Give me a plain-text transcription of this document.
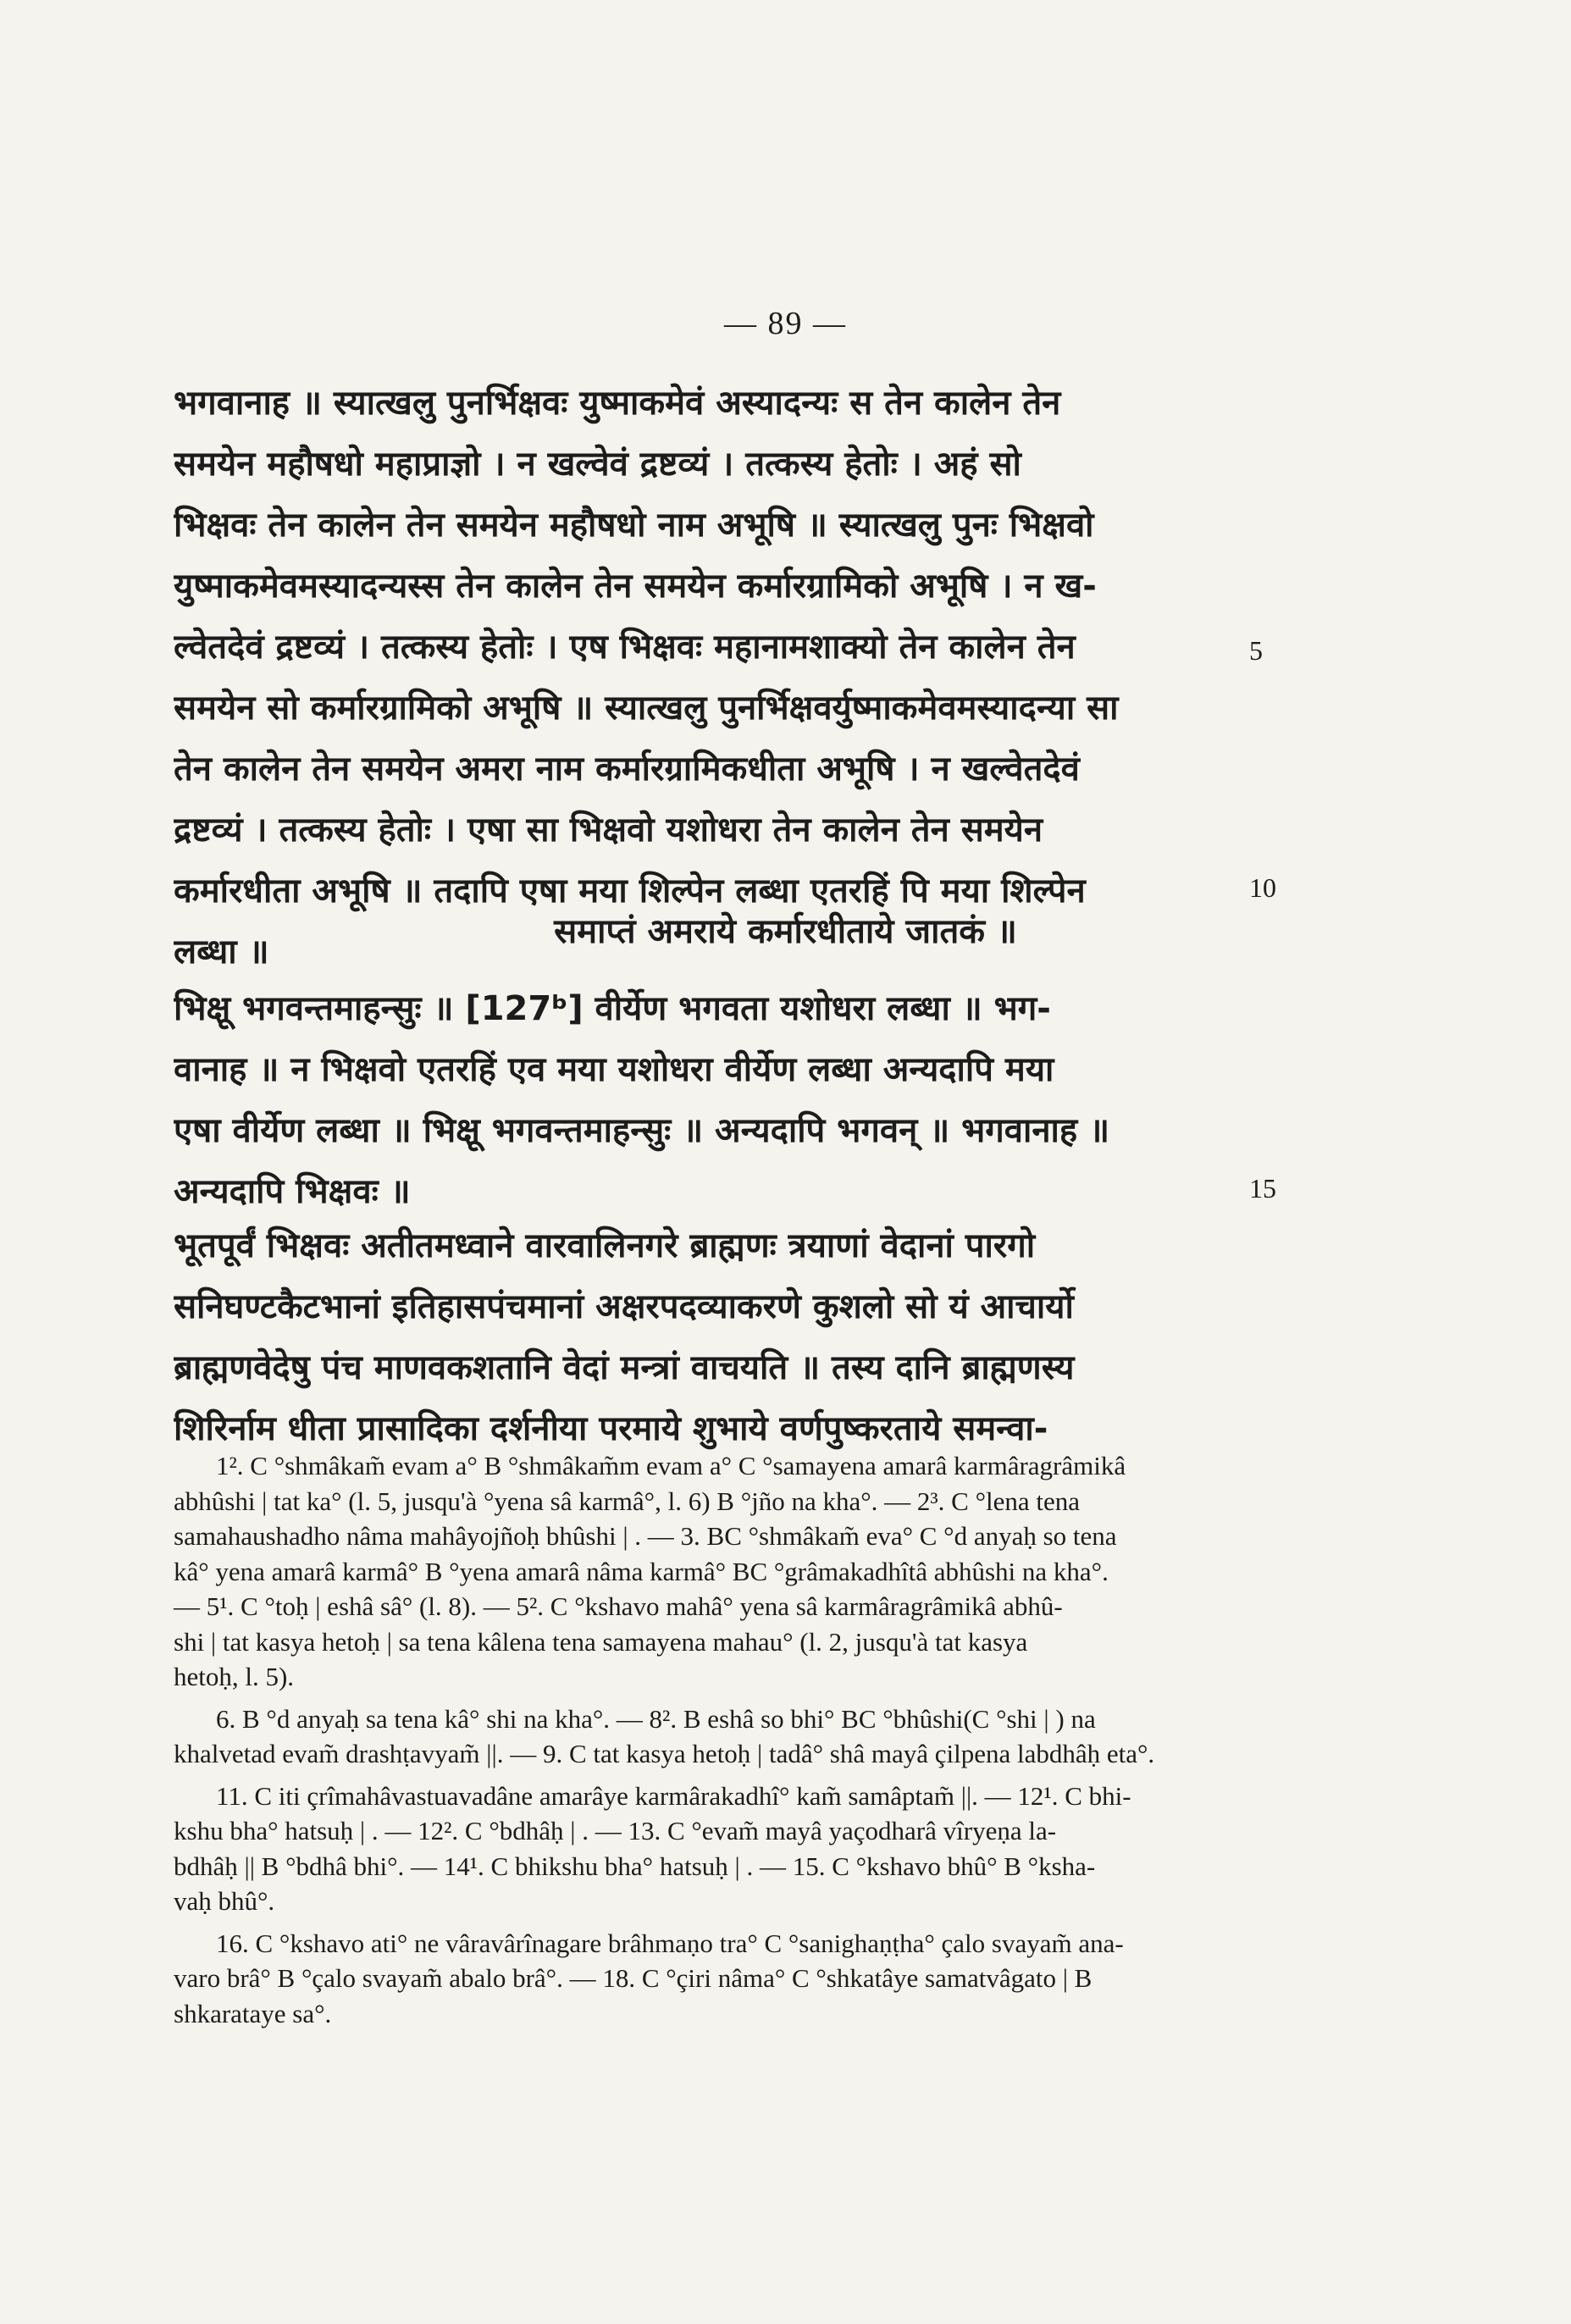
— 89 —
भगवानाह ॥ स्यात्खलु पुनर्भिक्षवः युष्माकमेवं अस्यादन्यः स तेन कालेन तेन
समयेन महौषधो महाप्राज्ञो । न खल्वेवं द्रष्टव्यं । तत्कस्य हेतोः । अहं सो
भिक्षवः तेन कालेन तेन समयेन महौषधो नाम अभूषि ॥ स्यात्खलु पुनः भिक्षवो
युष्माकमेवमस्यादन्यस्स तेन कालेन तेन समयेन कर्मारग्रामिको अभूषि । न ख-
ल्वेतदेवं द्रष्टव्यं । तत्कस्य हेतोः । एष भिक्षवः महानामशाक्यो तेन कालेन तेन
समयेन सो कर्मारग्रामिको अभूषि ॥ स्यात्खलु पुनर्भिक्षवर्युष्माकमेवमस्यादन्या सा
तेन कालेन तेन समयेन अमरा नाम कर्मारग्रामिकधीता अभूषि । न खल्वेतदेवं
द्रष्टव्यं । तत्कस्य हेतोः । एषा सा भिक्षवो यशोधरा तेन कालेन तेन समयेन
कर्मारधीता अभूषि ॥ तदापि एषा मया शिल्पेन लब्धा एतरहिं पि मया शिल्पेन
लब्धा ॥
5
10
समाप्तं अमराये कर्मारधीताये जातकं ॥
भिक्षू भगवन्तमाहन्सुः ॥ [127ᵇ] वीर्येण भगवता यशोधरा लब्धा ॥ भग-
वानाह ॥ न भिक्षवो एतरहिं एव मया यशोधरा वीर्येण लब्धा अन्यदापि मया
एषा वीर्येण लब्धा ॥ भिक्षू भगवन्तमाहन्सुः ॥ अन्यदापि भगवन् ॥ भगवानाह ॥
अन्यदापि भिक्षवः ॥	15
भूतपूर्वं भिक्षवः अतीतमध्वाने वारवालिनगरे ब्राह्मणः त्रयाणां वेदानां पारगो
सनिघण्टकैटभानां इतिहासपंचमानां अक्षरपदव्याकरणे कुशलो सो यं आचार्यो
ब्राह्मणवेदेषु पंच माणवकशतानि वेदां मन्त्रां वाचयति ॥ तस्य दानि ब्राह्मणस्य
शिरिर्नाम धीता प्रासादिका दर्शनीया परमाये शुभाये वर्णपुष्करताये समन्वा-
1². C °shmâkam̃ evam a° B °shmâkam̃m evam a° C °samayena amarâ karmâragrâmikâ
abhûshi | tat ka° (l. 5, jusqu'à °yena sâ karmâ°, l. 6) B °jño na kha°. — 2³. C °lena tena
samahaushadho nâma mahâyojñoḥ bhûshi | . — 3. BC °shmâkam̃ eva° C °d anyaḥ so tena
kâ° yena amarâ karmâ° B °yena amarâ nâma karmâ° BC °grâmakadhîtâ abhûshi na kha°.
— 5¹. C °toḥ | eshâ sâ° (l. 8). — 5². C °kshavo mahâ° yena sâ karmâragrâmikâ abhû-
shi | tat kasya hetoḥ | sa tena kâlena tena samayena mahau° (l. 2, jusqu'à tat kasya
hetoḥ, l. 5).
6. B °d anyaḥ sa tena kâ° shi na kha°. — 8². B eshâ so bhi° BC °bhûshi(C °shi | ) na
khalvetad evam̃ drashṭavyam̃ ||. — 9. C tat kasya hetoḥ | tadâ° shâ mayâ çilpena labdhâḥ eta°.
11. C iti çrîmahâvastuavadâne amarâye karmârakadhî° kam̃ samâptam̃ ||. — 12¹. C bhi-
kshu bha° hatsuḥ | . — 12². C °bdhâḥ | . — 13. C °evam̃ mayâ yaçodharâ vîryeṇa la-
bdhâḥ || B °bdhâ bhi°. — 14¹. C bhikshu bha° hatsuḥ | . — 15. C °kshavo bhû° B °ksha-
vaḥ bhû°.
16. C °kshavo ati° ne vâravârînagare brâhmaṇo tra° C °sanighaṇṭha° çalo svayam̃ ana-
varo brâ° B °çalo svayam̃ abalo brâ°. — 18. C °çiri nâma° C °shkatâye samatvâgato | B
shkarataye sa°.
